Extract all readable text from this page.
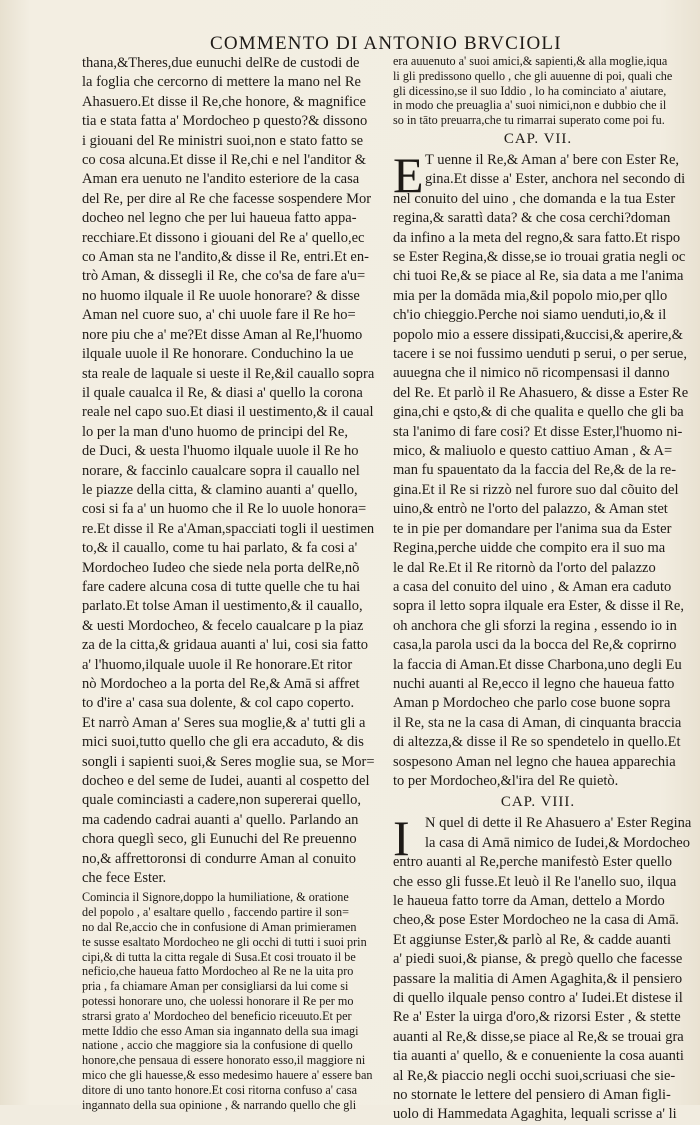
COMMENTO DI ANTONIO BRVCIOLI
thana,&Theres,due eunuchi delRe de custodi de
la foglia che cercorno di mettere la mano nel Re
Ahasuero.Et disse il Re,che honore, & magnifice
tia e stata fatta a' Mordocheo p questo?& dissono
i giouani del Re ministri suoi,non e stato fatto se
co cosa alcuna.Et disse il Re,chi e nel l'anditor &
Aman era uenuto ne l'andito esteriore de la casa
del Re, per dire al Re che facesse sospendere Mor
docheo nel legno che per lui haueua fatto appa-
recchiare.Et dissono i giouani del Re a' quello,ec
co Aman sta ne l'andito,& disse il Re, entri.Et en-
trò Aman, & dissegli il Re, che co'sa de fare a'u=
no huomo ilquale il Re uuole honorare? & disse
Aman nel cuore suo, a' chi uuole fare il Re ho=
nore piu che a' me?Et disse Aman al Re,l'huomo
ilquale uuole il Re honorare. Conduchino la ue
sta reale de laquale si ueste il Re,&il cauallo sopra
il quale caualca il Re, & diasi a' quello la corona
reale nel capo suo.Et diasi il uestimento,& il caual
lo per la man d'uno huomo de principi del Re,
de Duci, & uesta l'huomo ilquale uuole il Re ho
norare, & faccinlo caualcare sopra il cauallo nel
le piazze della citta, & clamino auanti a' quello,
cosi si fa a' un huomo che il Re lo uuole honora=
re.Et disse il Re a'Aman,spacciati togli il uestimen
to,& il cauallo, come tu hai parlato, & fa cosi a'
Mordocheo Iudeo che siede nela porta delRe,nõ
fare cadere alcuna cosa di tutte quelle che tu hai
parlato.Et tolse Aman il uestimento,& il cauallo,
& uesti Mordocheo, & fecelo caualcare p la piaz
za de la citta,& gridaua auanti a' lui, cosi sia fatto
a' l'huomo,ilquale uuole il Re honorare.Et ritor
nò Mordocheo a la porta del Re,& Amā si affret
to d'ire a' casa sua dolente, & col capo coperto.
Et narrò Aman a' Seres sua moglie,& a' tutti gli a
mici suoi,tutto quello che gli era accaduto, & dis
songli i sapienti suoi,& Seres moglie sua, se Mor=
docheo e del seme de Iudei, auanti al cospetto del
quale cominciasti a cadere,non supererai quello,
ma cadendo cadrai auanti a' quello. Parlando an
chora queglì seco, gli Eunuchi del Re preuenno
no,& affrettoronsi di condurre Aman al conuito
che fece Ester.
Comincia il Signore,doppo la humiliatione, & oratione
del popolo , a' esaltare quello , faccendo partire il son=
no dal Re,accio che in confusione di Aman primieramen
te susse esaltato Mordocheo ne gli occhi di tutti i suoi prin
cipi,& di tutta la citta regale di Susa.Et cosi trouato il be
neficio,che haueua fatto Mordocheo al Re ne la uita pro
pria , fa chiamare Aman per consigliarsi da lui come si
potessi honorare uno, che uolessi honorare il Re per mo
strarsi grato a' Mordocheo del beneficio riceuuto.Et per
mette Iddio che esso Aman sia ingannato della sua imagi
natione , accio che maggiore sia la confusione di quello
honore,che pensaua di essere honorato esso,il maggiore ni
mico che gli hauesse,& esso medesimo hauere a' essere ban
ditore di uno tanto honore.Et cosi ritorna confuso a' casa
ingannato della sua opinione , & narrando quello che gli
era auuenuto a' suoi amici,& sapienti,& alla moglie,iqua
li gli predissono quello , che gli auuenne di poi, quali che
gli dicessino,se il suo Iddio , lo ha cominciato a' aiutare,
in modo che preuaglia a' suoi nimici,non e dubbio che il
so in tāto preuarra,che tu rimarrai superato come poi fu.
CAP. VII.
E T uenne il Re,& Aman a' bere con Ester Re,
gina.Et disse a' Ester, anchora nel secondo di
nel conuito del uino , che domanda e la tua Ester
regina,& sarattì data? & che cosa cerchi?doman
da infino a la meta del regno,& sara fatto.Et rispo
se Ester Regina,& disse,se io trouai gratia negli oc
chi tuoi Re,& se piace al Re, sia data a me l'anima
mia per la domāda mia,&il popolo mio,per qllo
ch'io chieggio.Perche noi siamo uenduti,io,& il
popolo mio a essere dissipati,&uccisi,& aperire,&
tacere i se noi fussimo uenduti p serui, o per serue,
auuegna che il nimico nō ricompensasi il danno
del Re. Et parlò il Re Ahasuero, & disse a Ester Re
gina,chi e qsto,& di che qualita e quello che gli ba
sta l'animo di fare cosi? Et disse Ester,l'huomo ni-
mico, & maliuolo e questo cattiuo Aman , & A=
man fu spauentato da la faccia del Re,& de la re-
gina.Et il Re si rizzò nel furore suo dal cõuito del
uino,& entrò ne l'orto del palazzo, & Aman stet
te in pie per domandare per l'anima sua da Ester
Regina,perche uidde che compito era il suo ma
le dal Re.Et il Re ritornò da l'orto del palazzo
a casa del conuito del uino , & Aman era caduto
sopra il letto sopra ilquale era Ester, & disse il Re,
oh anchora che gli sforzi la regina , essendo io in
casa,la parola usci da la bocca del Re,& coprirno
la faccia di Aman.Et disse Charbona,uno degli Eu
nuchi auanti al Re,ecco il legno che haueua fatto
Aman p Mordocheo che parlo cose buone sopra
il Re, sta ne la casa di Aman, di cinquanta braccia
di altezza,& disse il Re so spendetelo in quello.Et
sospesono Aman nel legno che hauea apparechia
to per Mordocheo,&l'ira del Re quietò.
CAP. VIII.
I	N quel di dette il Re Ahasuero a' Ester Regina
la casa di Amā nimico de Iudei,& Mordocheo
entro auanti al Re,perche manifestò Ester quello
che esso gli fusse.Et leuò il Re l'anello suo, ilqua
le haueua fatto torre da Aman, dettelo a Mordo
cheo,& pose Ester Mordocheo ne la casa di Amā.
Et aggiunse Ester,& parlò al Re, & cadde auanti
a' piedi suoi,& pianse, & pregò quello che facesse
passare la malitia di Amen Agaghita,& il pensiero
di quello ilquale penso contro a' Iudei.Et distese il
Re a' Ester la uirga d'oro,& rizorsi Ester , & stette
auanti al Re,& disse,se piace al Re,& se trouai gra
tia auanti a' quello, & e conueniente la cosa auanti
al Re,& piaccio negli occhi suoi,scriuasi che sie-
no stornate le lettere del pensiero di Aman figli-
uolo di Hammedata Agaghita, lequali scrisse a' li
